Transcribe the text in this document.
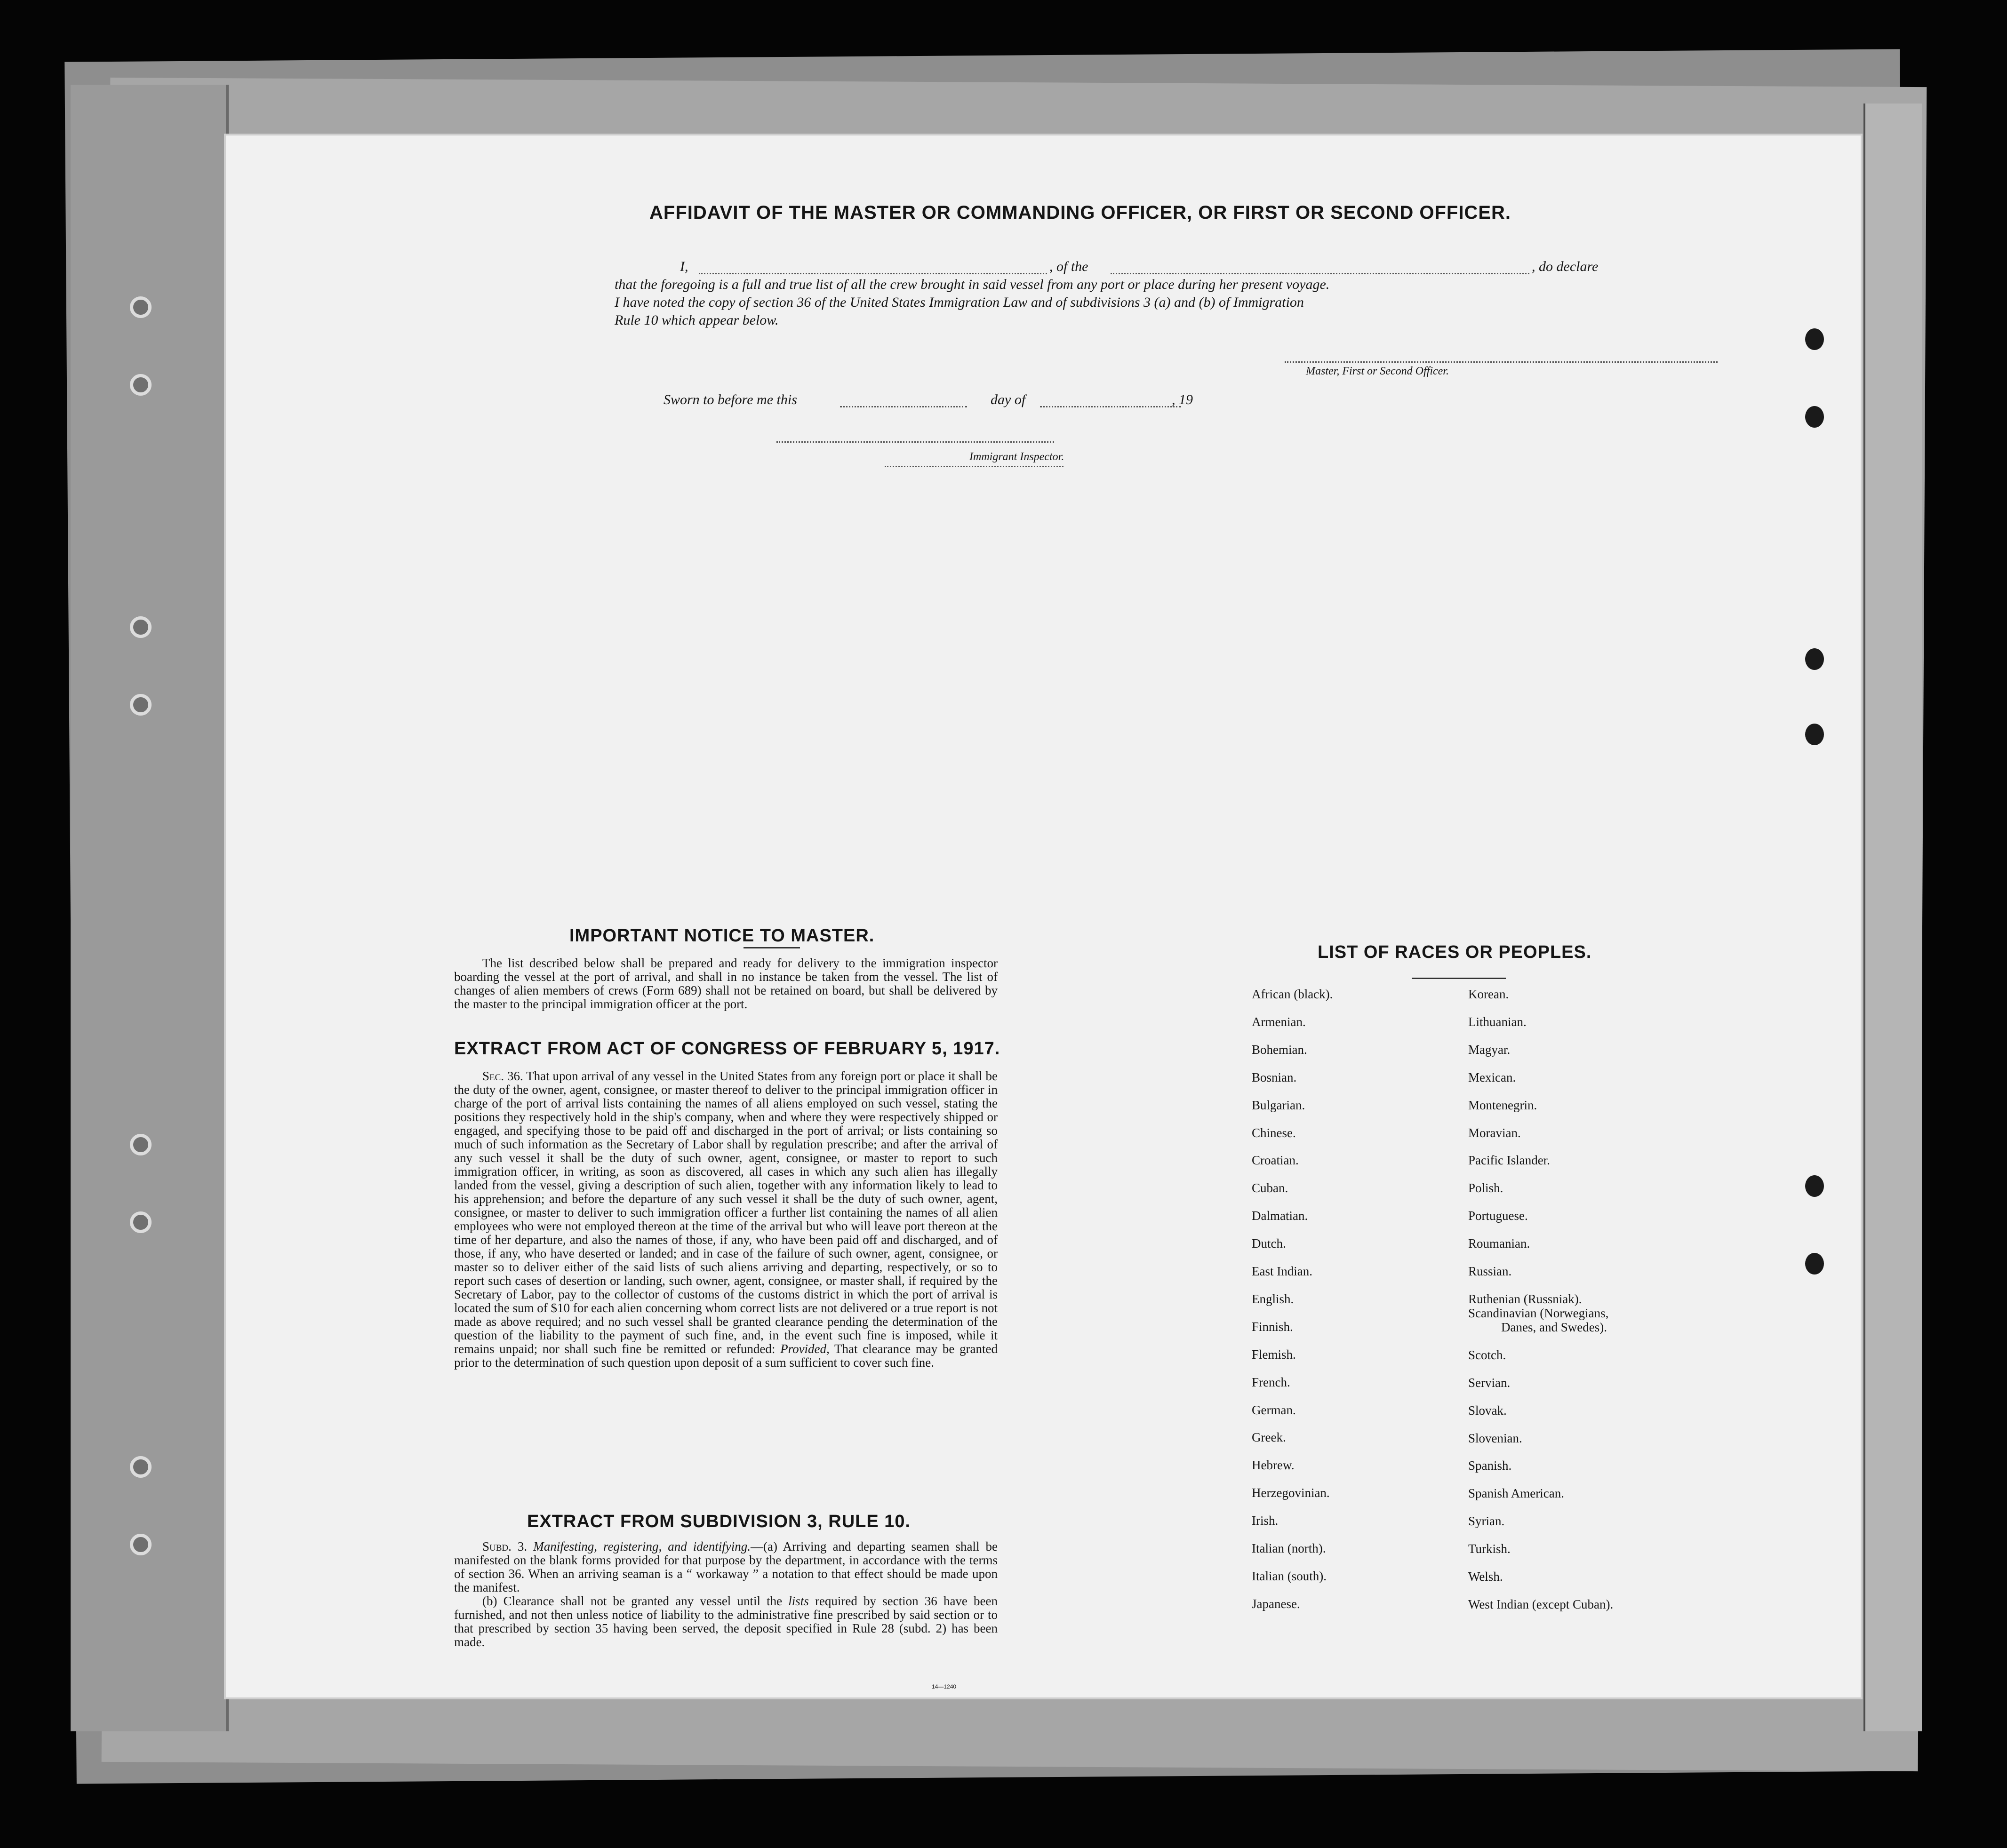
AFFIDAVIT OF THE MASTER OR COMMANDING OFFICER, OR FIRST OR SECOND OFFICER.
I,	, of the	, do declare
that the foregoing is a full and true list of all the crew brought in said vessel from any port or place during her present voyage.
I have noted the copy of section 36 of the United States Immigration Law and of subdivisions 3 (a) and (b) of Immigration
Rule 10 which appear below.
Master, First or Second Officer.
Sworn to before me this	day of	, 19
Immigrant Inspector.
IMPORTANT NOTICE TO MASTER.

The list described below shall be prepared and ready for delivery to the immigration inspector boarding the vessel at the port of arrival, and shall in no instance be taken from the vessel. The list of changes of alien members of crews (Form 689) shall not be retained on board, but shall be delivered by the master to the principal immigration officer at the port.

EXTRACT FROM ACT OF CONGRESS OF FEBRUARY 5, 1917.

Sec. 36. That upon arrival of any vessel in the United States from any foreign port or place it shall be the duty of the owner, agent, consignee, or master thereof to deliver to the principal immigration officer in charge of the port of arrival lists containing the names of all aliens employed on such vessel, stating the positions they respectively hold in the ship's company, when and where they were respectively shipped or engaged, and specifying those to be paid off and discharged in the port of arrival; or lists containing so much of such information as the Secretary of Labor shall by regulation prescribe; and after the arrival of any such vessel it shall be the duty of such owner, agent, consignee, or master to report to such immigration officer, in writing, as soon as discovered, all cases in which any such alien has illegally landed from the vessel, giving a description of such alien, together with any information likely to lead to his apprehension; and before the departure of any such vessel it shall be the duty of such owner, agent, consignee, or master to deliver to such immigration officer a further list containing the names of all alien employees who were not employed thereon at the time of the arrival but who will leave port thereon at the time of her departure, and also the names of those, if any, who have been paid off and discharged, and of those, if any, who have deserted or landed; and in case of the failure of such owner, agent, consignee, or master so to deliver either of the said lists of such aliens arriving and departing, respectively, or so to report such cases of desertion or landing, such owner, agent, consignee, or master shall, if required by the Secretary of Labor, pay to the collector of customs of the customs district in which the port of arrival is located the sum of $10 for each alien concerning whom correct lists are not delivered or a true report is not made as above required; and no such vessel shall be granted clearance pending the determination of the question of the liability to the payment of such fine, and, in the event such fine is imposed, while it remains unpaid; nor shall such fine be remitted or refunded: Provided, That clearance may be granted prior to the determination of such question upon deposit of a sum sufficient to cover such fine.

EXTRACT FROM SUBDIVISION 3, RULE 10.

Subd. 3. Manifesting, registering, and identifying.—(a) Arriving and departing seamen shall be manifested on the blank forms provided for that purpose by the department, in accordance with the terms of section 36. When an arriving seaman is a “ workaway ” a notation to that effect should be made upon the manifest.

(b) Clearance shall not be granted any vessel until the lists required by section 36 have been furnished, and not then unless notice of liability to the administrative fine prescribed by said section or to that prescribed by section 35 having been served, the deposit specified in Rule 28 (subd. 2) has been made.

14—1240
LIST OF RACES OR PEOPLES.
African (black).
Armenian.
Bohemian.
Bosnian.
Bulgarian.
Chinese.
Croatian.
Cuban.
Dalmatian.
Dutch.
East Indian.
English.
Finnish.
Flemish.
French.
German.
Greek.
Hebrew.
Herzegovinian.
Irish.
Italian (north).
Italian (south).
Japanese.
Korean.
Lithuanian.
Magyar.
Mexican.
Montenegrin.
Moravian.
Pacific Islander.
Polish.
Portuguese.
Roumanian.
Russian.
Ruthenian (Russniak).
Scandinavian (Norwegians,
Danes, and Swedes).
Scotch.
Servian.
Slovak.
Slovenian.
Spanish.
Spanish American.
Syrian.
Turkish.
Welsh.
West Indian (except Cuban).
